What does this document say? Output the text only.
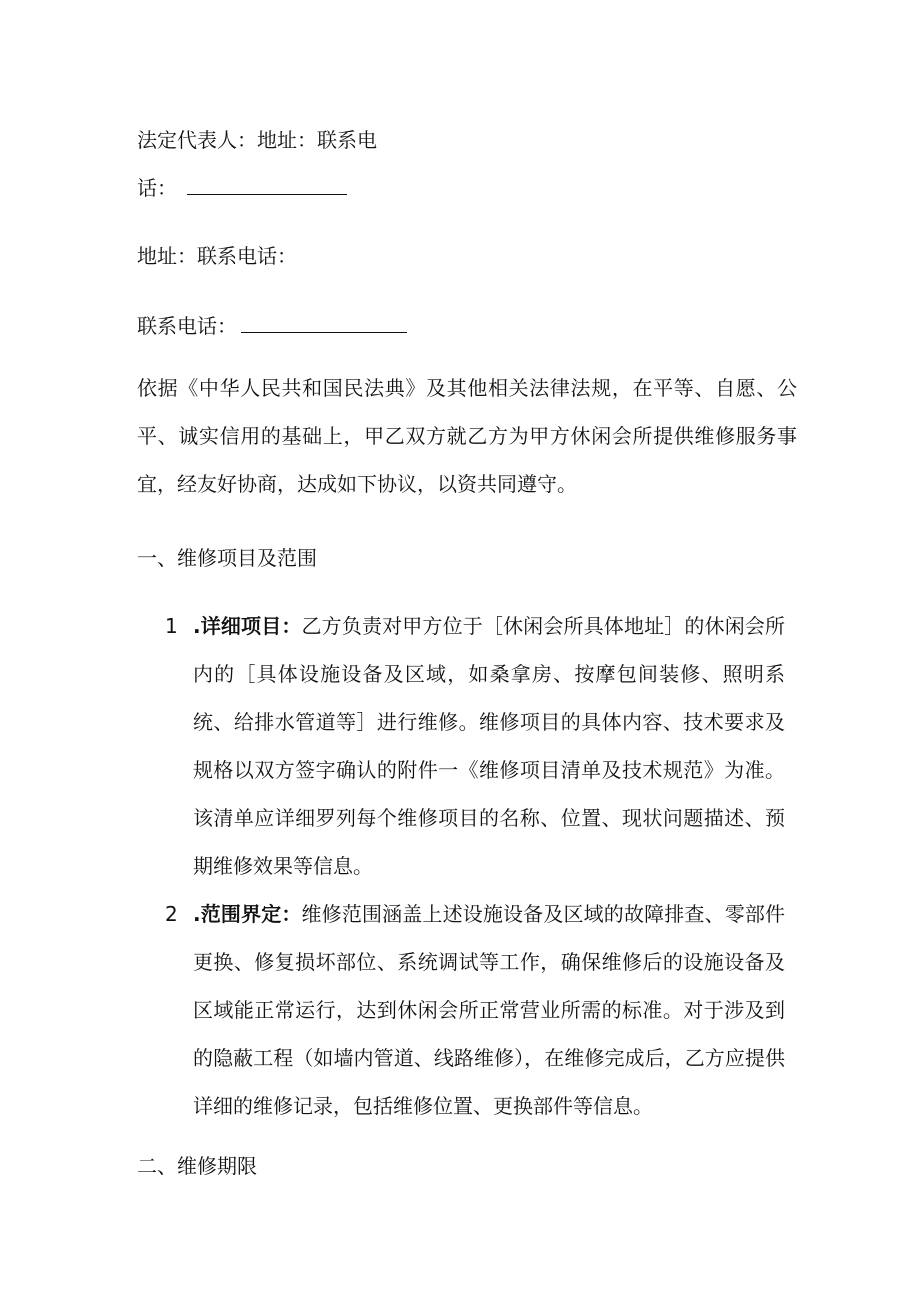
法定代表人：地址：联系电
话：
地址：联系电话：
联系电话：
依据《中华人民共和国民法典》及其他相关法律法规，在平等、自愿、公平、诚实信用的基础上，甲乙双方就乙方为甲方休闲会所提供维修服务事宜，经友好协商，达成如下协议，以资共同遵守。
一、维修项目及范围
1 .详细项目：乙方负责对甲方位于［休闲会所具体地址］的休闲会所内的［具体设施设备及区域，如桑拿房、按摩包间装修、照明系统、给排水管道等］进行维修。维修项目的具体内容、技术要求及规格以双方签字确认的附件一《维修项目清单及技术规范》为准。该清单应详细罗列每个维修项目的名称、位置、现状问题描述、预期维修效果等信息。
2 .范围界定：维修范围涵盖上述设施设备及区域的故障排查、零部件更换、修复损坏部位、系统调试等工作，确保维修后的设施设备及区域能正常运行，达到休闲会所正常营业所需的标准。对于涉及到的隐蔽工程（如墙内管道、线路维修），在维修完成后，乙方应提供详细的维修记录，包括维修位置、更换部件等信息。
二、维修期限
